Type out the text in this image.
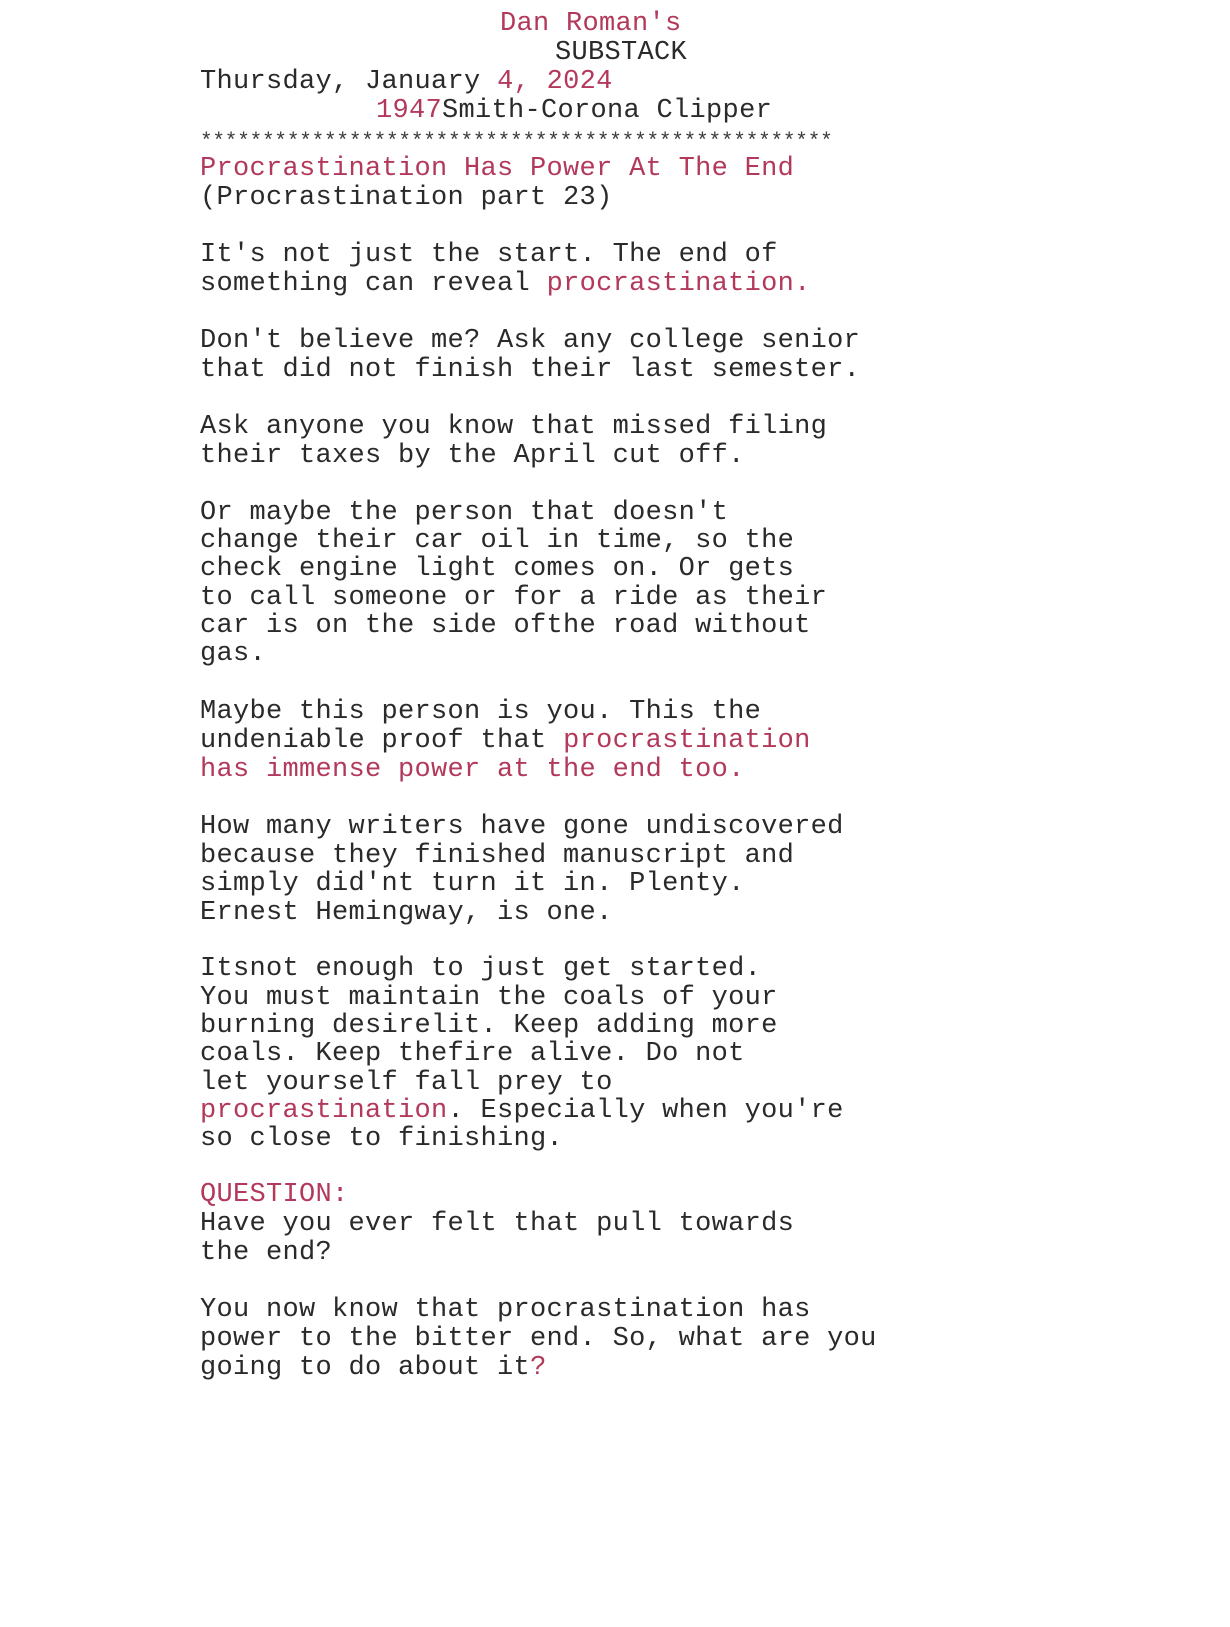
Dan Roman's
SUBSTACK
Thursday, January 4, 2024
1947Smith-Corona Clipper
***************************************************
Procrastination Has Power At The End
(Procrastination part 23)
It's not just the start. The end of
something can reveal procrastination.
Don't believe me? Ask any college senior
that did not finish their last semester.
Ask anyone you know that missed filing
their taxes by the April cut off.
Or maybe the person that doesn't
change their car oil in time, so the
check engine light comes on. Or gets
to call someone or for a ride as their
car is on the side ofthe road without
gas.
Maybe this person is you. This the
undeniable proof that procrastination
has immense power at the end too.
How many writers have gone undiscovered
because they finished manuscript and
simply did'nt turn it in. Plenty.
Ernest Hemingway, is one.
Itsnot enough to just get started.
You must maintain the coals of your
burning desirelit. Keep adding more
coals. Keep thefire alive. Do not
let yourself fall prey to
procrastination. Especially when you're
so close to finishing.
QUESTION:
Have you ever felt that pull towards
the end?
You now know that procrastination has
power to the bitter end. So, what are you
going to do about it?
